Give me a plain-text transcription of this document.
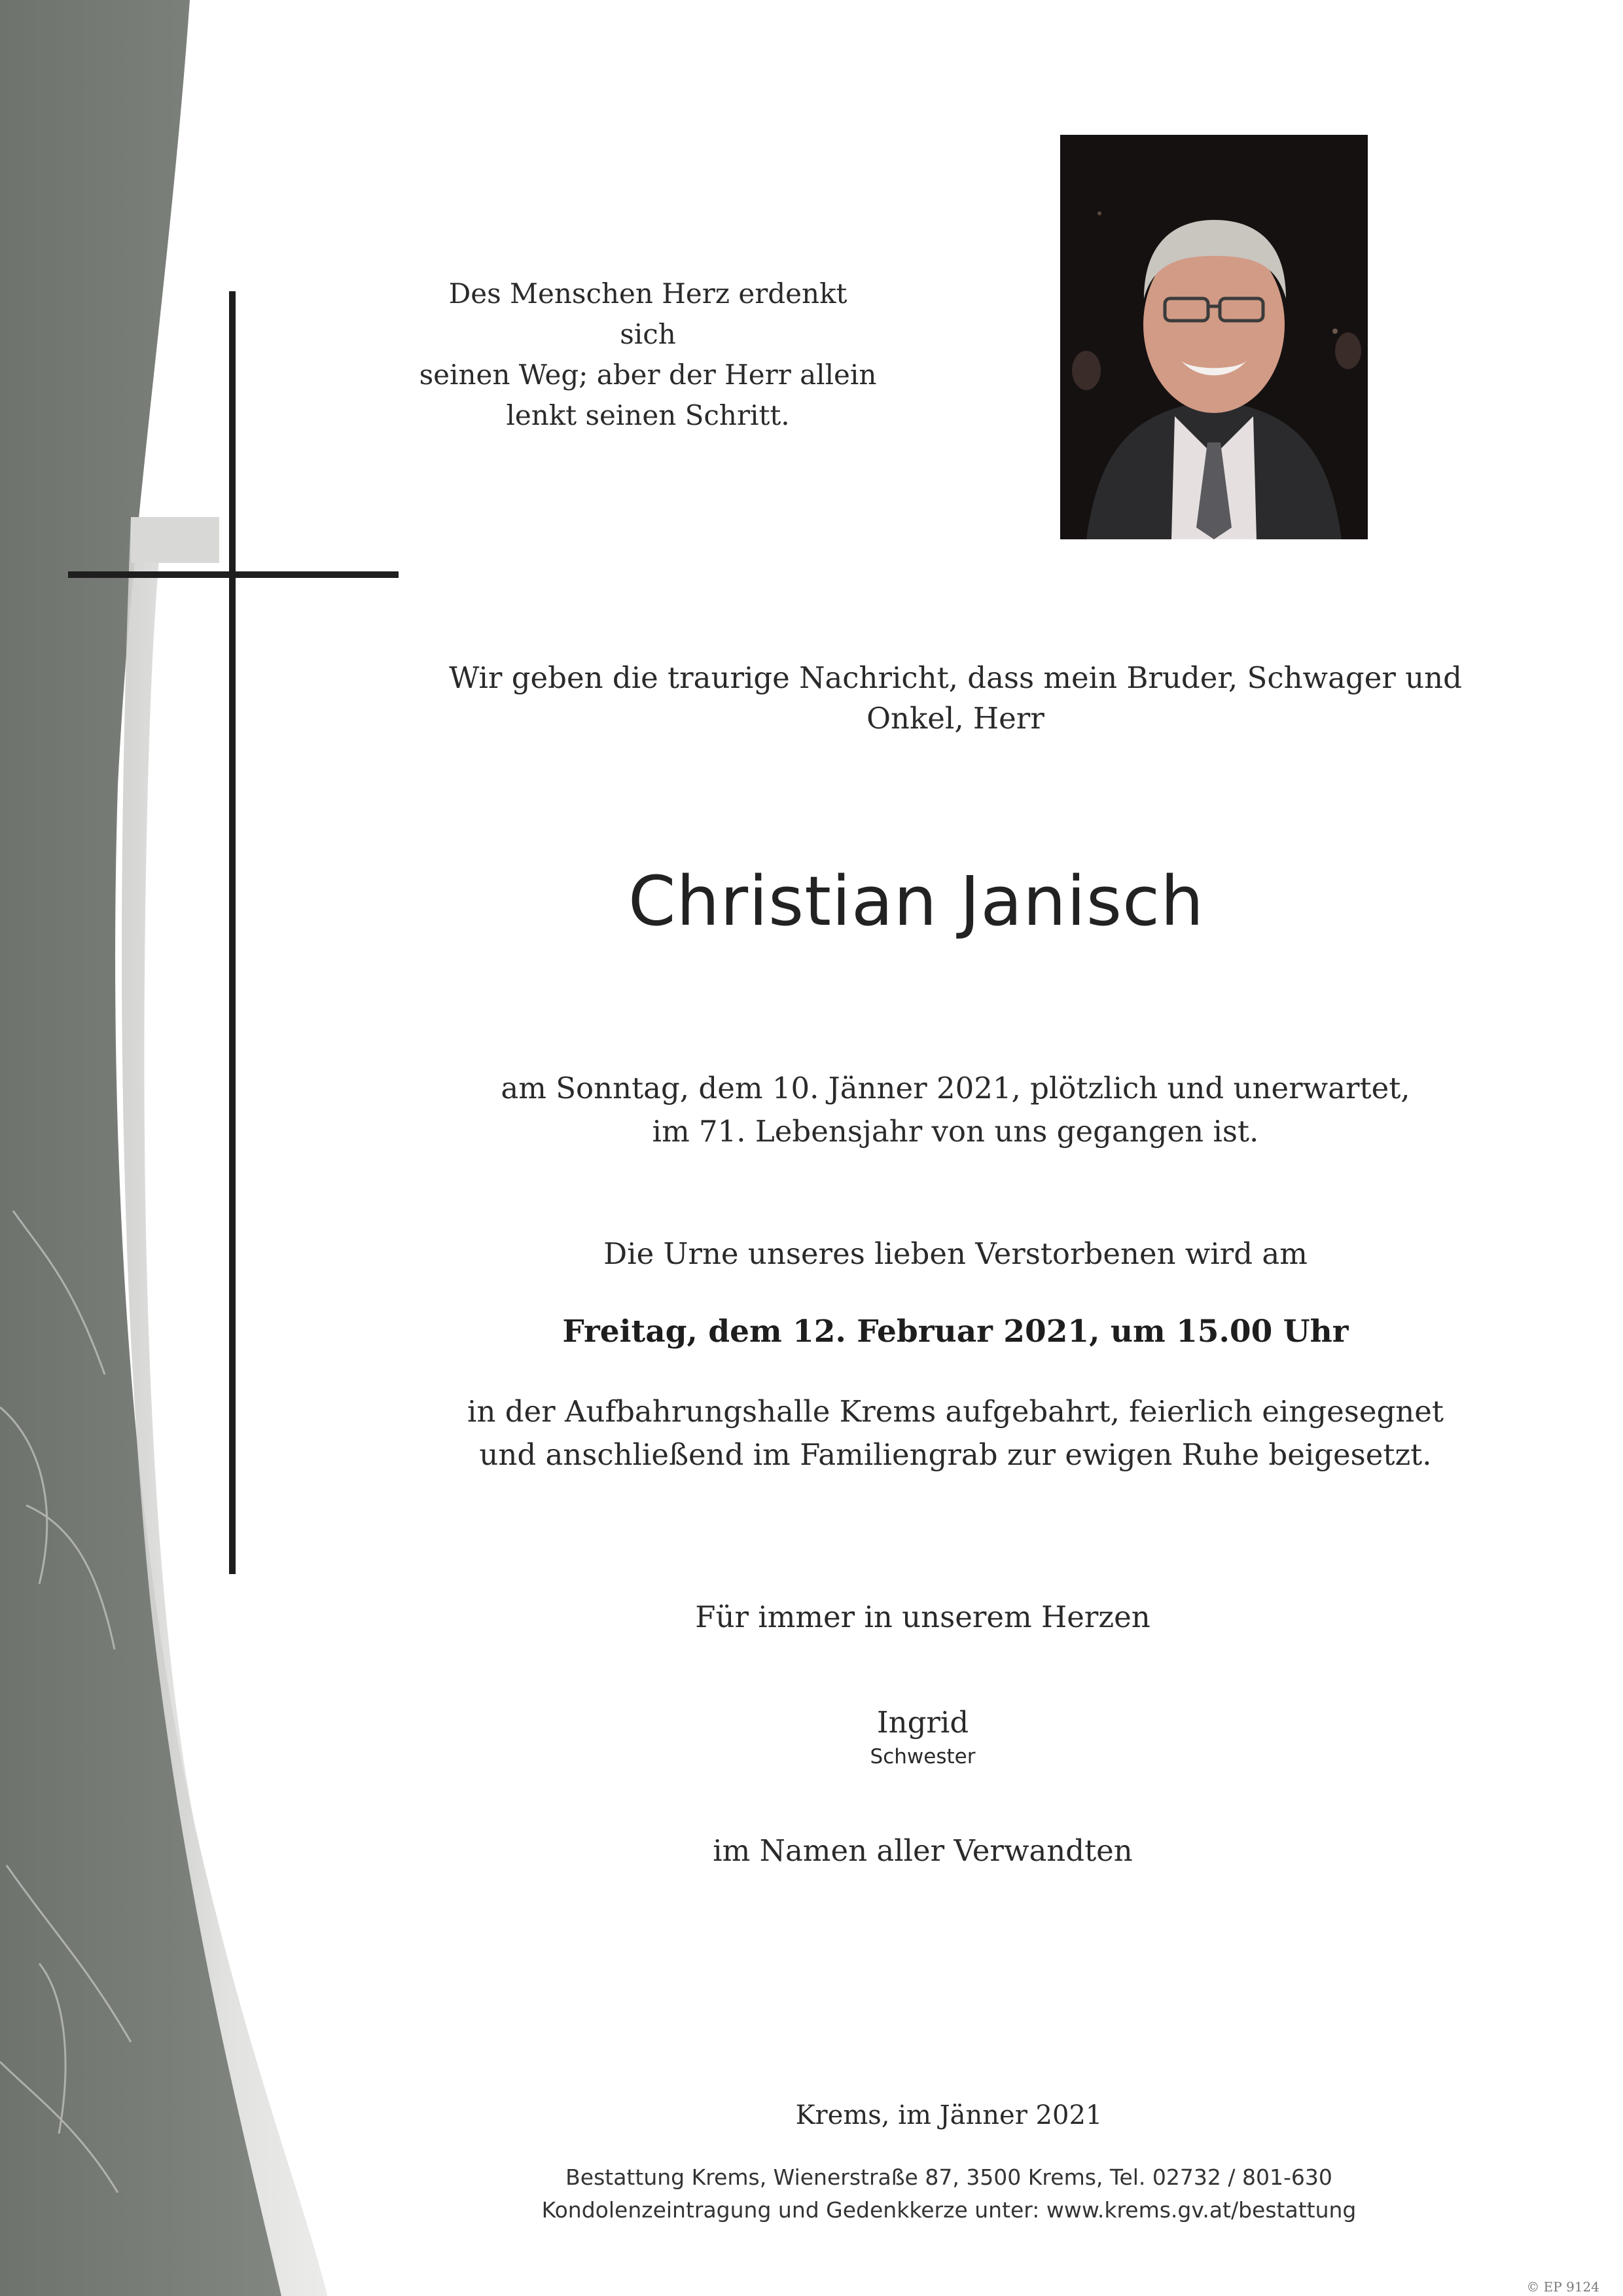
Des Menschen Herz erdenkt sich
seinen Weg; aber der Herr allein
lenkt seinen Schritt.
Wir geben die traurige Nachricht, dass mein Bruder, Schwager und
Onkel, Herr
Christian Janisch
am Sonntag, dem 10. Jänner 2021, plötzlich und unerwartet,
im 71. Lebensjahr von uns gegangen ist.
Die Urne unseres lieben Verstorbenen wird am
Freitag, dem 12. Februar 2021, um 15.00 Uhr
in der Aufbahrungshalle Krems aufgebahrt, feierlich eingesegnet
und anschließend im Familiengrab zur ewigen Ruhe beigesetzt.
Für immer in unserem Herzen
Ingrid
Schwester
im Namen aller Verwandten
Krems, im Jänner 2021
Bestattung Krems, Wienerstraße 87, 3500 Krems, Tel. 02732 / 801-630
Kondolenzeintragung und Gedenkkerze unter: www.krems.gv.at/bestattung
© EP 9124
